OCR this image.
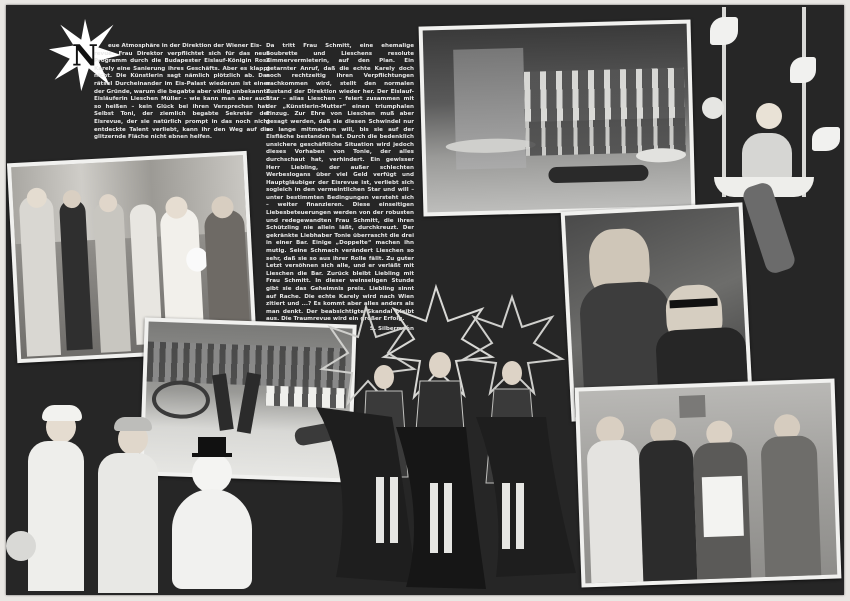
N	eue Atmosphäre in der Direktion der Wiener Eis-

revue. Frau Direktor verpflichtet sich für das neue Programm durch die Budapester Eislauf-Königin Rosa Karely eine Sanierung ihres Geschäfts. Aber es klappt nicht. Die Künstlerin sagt nämlich plötzlich ab. Das rätsel Durcheinander im Eis-Palast wiederum ist einer der Gründe, warum die begabte aber völlig unbekannte Eisläuferin Lieschen Müller – wie kann man aber auch so heißen – kein Glück bei ihren Versprechen hat. Selbst Toni, der ziemlich begabte Sekretär der Eisrevue, der sie natürlich prompt in das noch nicht entdeckte Talent verliebt, kann ihr den Weg auf die glitzernde Fläche nicht ebnen helfen.

Da tritt Frau Schmitt, eine ehemalige Soubrette und Lieschens resolute Zimmervermieterin, auf den Plan. Ein getarnter Anruf, daß die echte Karely doch noch rechtzeitig ihren Verpflichtungen nachkommen wird, stellt den normalen Zustand der Direktion wieder her. Der Eislauf-Star – alias Lieschen – feiert zusammen mit der „Künstlerin-Mutter“ einen triumphalen Einzug. Zur Ehre von Lieschen muß aber gesagt werden, daß sie diesen Schwindel nur so lange mitmachen will, bis sie auf der Eisfläche bestanden hat. Durch die bedenklich unsichere geschäftliche Situation wird jedoch dieses Vorhaben von Tonie, der alles durchschaut hat, verhindert. Ein gewisser Herr Liebling, der außer schlechten Werbeslogans über viel Geld verfügt und Hauptgläubiger der Eisrevue ist, verliebt sich sogleich in den vermeintlichen Star und will – unter bestimmten Bedingungen versteht sich – weiter finanzieren. Diese einseitigen Liebesbeteuerungen werden von der robusten und redegewandten Frau Schmitt, die ihren Schützling nie allein läßt, durchkreuzt. Der gekränkte Liebhaber Tonie überrascht die drei in einer Bar. Einige „Doppelte“ machen ihn mutig. Seine Schmach verändert Lieschen so sehr, daß sie so aus ihrer Rolle fällt. Zu guter Letzt versöhnen sich alle, und er verläßt mit Lieschen die Bar. Zurück bleibt Liebling mit Frau Schmitt. In dieser weinseligen Stunde gibt sie das Geheimnis preis. Liebling sinnt auf Rache. Die echte Karely wird nach Wien zitiert und ...? Es kommt aber alles anders als man denkt. Der beabsichtigte Skandal bleibt aus. Die Traumrevue wird ein großer Erfolg.

S. Silbermann
